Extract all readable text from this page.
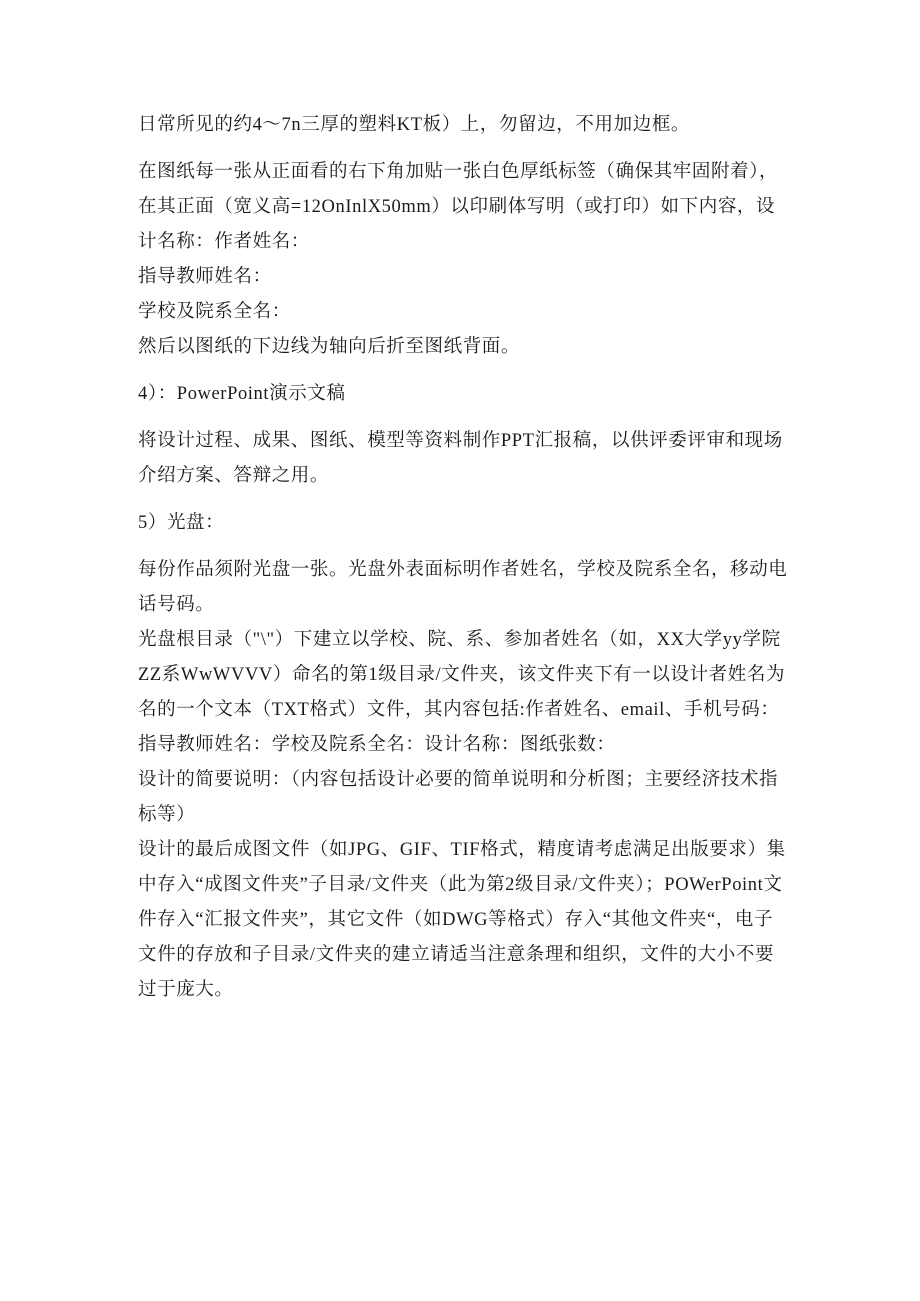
日常所见的约4～7n三厚的塑料KT板）上，勿留边，不用加边框。

在图纸每一张从正面看的右下角加贴一张白色厚纸标签（确保其牢固附着），在其正面（宽义高=12OnInlX50mm）以印刷体写明（或打印）如下内容，设计名称：作者姓名：

指导教师姓名：

学校及院系全名：

然后以图纸的下边线为轴向后折至图纸背面。

4）：PowerPoint演示文稿

将设计过程、成果、图纸、模型等资料制作PPT汇报稿，以供评委评审和现场介绍方案、答辩之用。

5）光盘：

每份作品须附光盘一张。光盘外表面标明作者姓名，学校及院系全名，移动电话号码。

光盘根目录（"\"）下建立以学校、院、系、参加者姓名（如，XX大学yy学院ZZ系WwWVVV）命名的第1级目录/文件夹，该文件夹下有一以设计者姓名为名的一个文本（TXT格式）文件，其内容包括:作者姓名、email、手机号码：指导教师姓名：学校及院系全名：设计名称：图纸张数：

设计的简要说明：（内容包括设计必要的简单说明和分析图；主要经济技术指标等）

设计的最后成图文件（如JPG、GIF、TIF格式，精度请考虑满足出版要求）集中存入“成图文件夹”子目录/文件夹（此为第2级目录/文件夹）；POWerPoint文件存入“汇报文件夹”，其它文件（如DWG等格式）存入“其他文件夹“，电子文件的存放和子目录/文件夹的建立请适当注意条理和组织，文件的大小不要过于庞大。
